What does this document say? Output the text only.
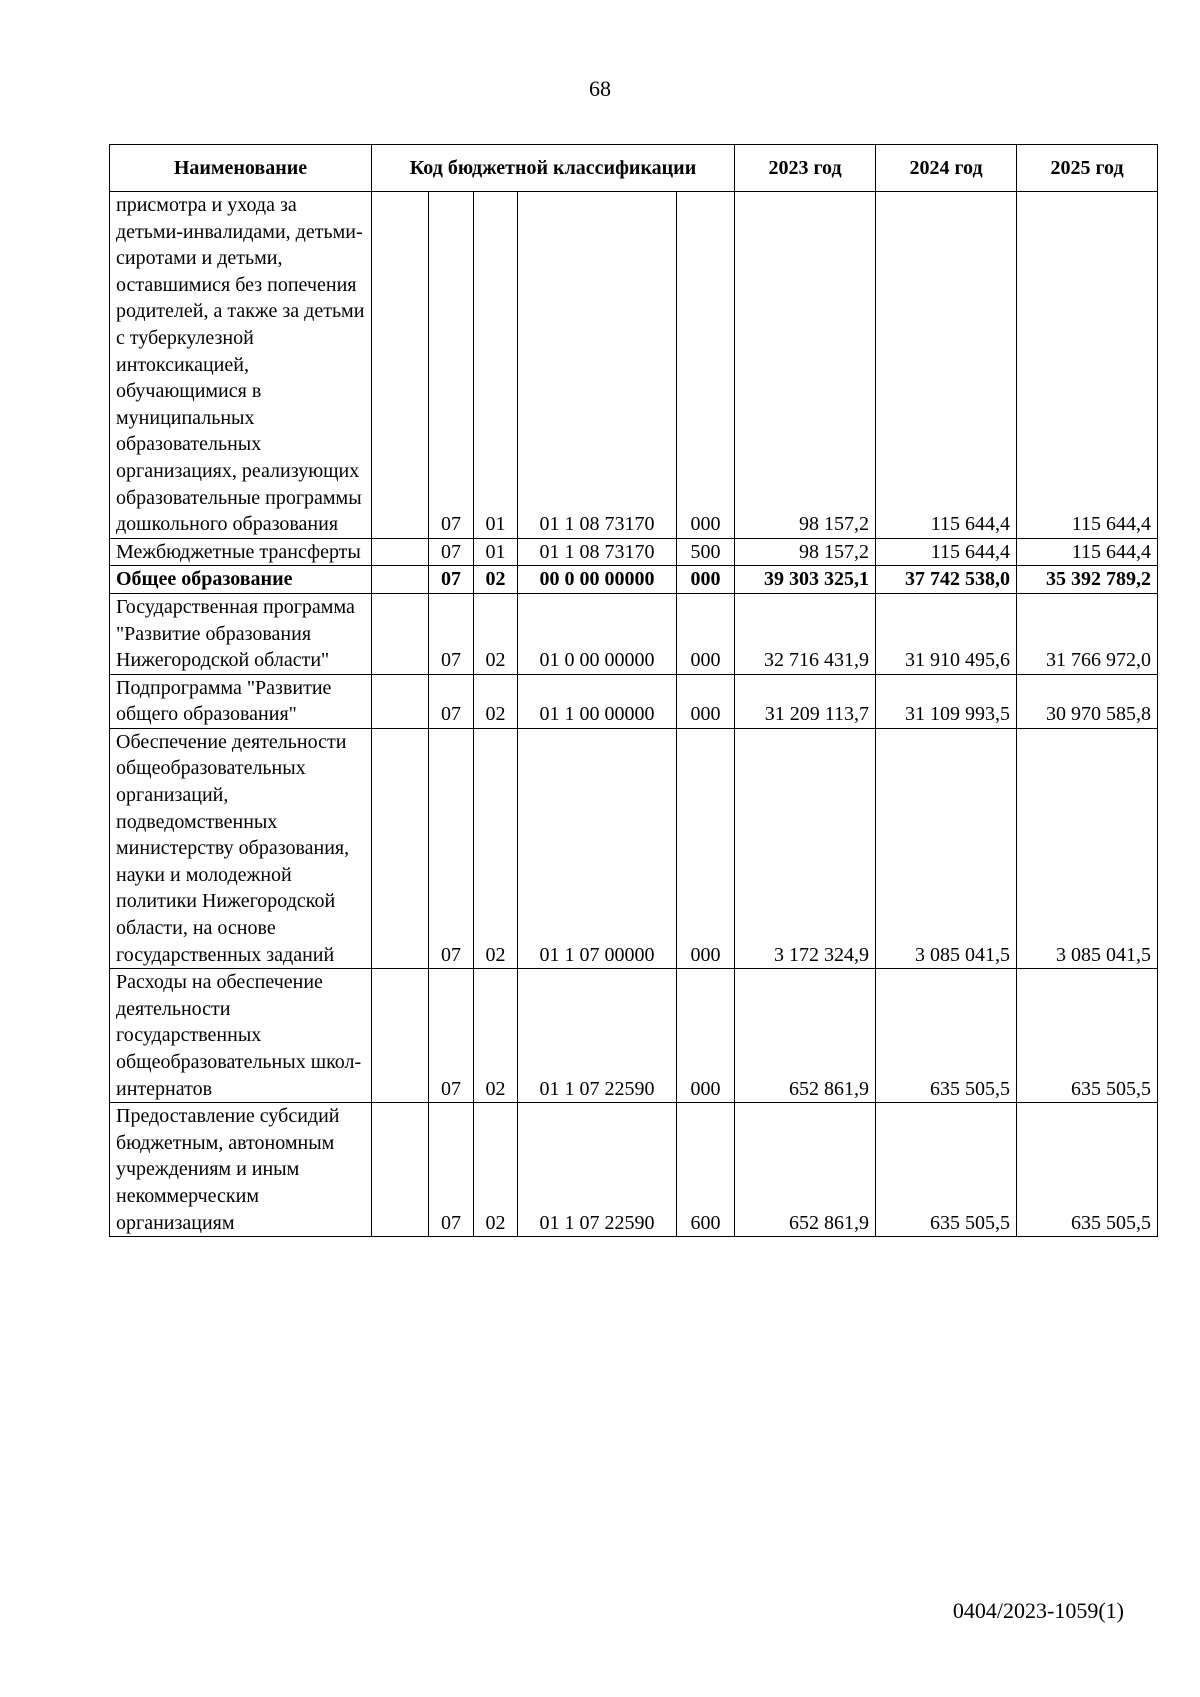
68
Наименование	Код бюджетной классификации					2023 год	2024 год	2025 год
присмотра и ухода за детьми-инвалидами, детьми-сиротами и детьми, оставшимися без попечения родителей, а также за детьми с туберкулезной интоксикацией, обучающимися в муниципальных образовательных организациях, реализующих образовательные программы дошкольного образования		07	01	01 1 08 73170	000	98 157,2	115 644,4	115 644,4
Межбюджетные трансферты		07	01	01 1 08 73170	500	98 157,2	115 644,4	115 644,4
Общее образование		07	02	00 0 00 00000	000	39 303 325,1	37 742 538,0	35 392 789,2
Государственная программа "Развитие образования Нижегородской области"		07	02	01 0 00 00000	000	32 716 431,9	31 910 495,6	31 766 972,0
Подпрограмма "Развитие общего образования"		07	02	01 1 00 00000	000	31 209 113,7	31 109 993,5	30 970 585,8
Обеспечение деятельности общеобразовательных организаций, подведомственных министерству образования, науки и молодежной политики Нижегородской области, на основе государственных заданий		07	02	01 1 07 00000	000	3 172 324,9	3 085 041,5	3 085 041,5
Расходы на обеспечение деятельности государственных общеобразовательных школ-интернатов		07	02	01 1 07 22590	000	652 861,9	635 505,5	635 505,5
Предоставление субсидий бюджетным, автономным учреждениям и иным некоммерческим организациям		07	02	01 1 07 22590	600	652 861,9	635 505,5	635 505,5
0404/2023-1059(1)
